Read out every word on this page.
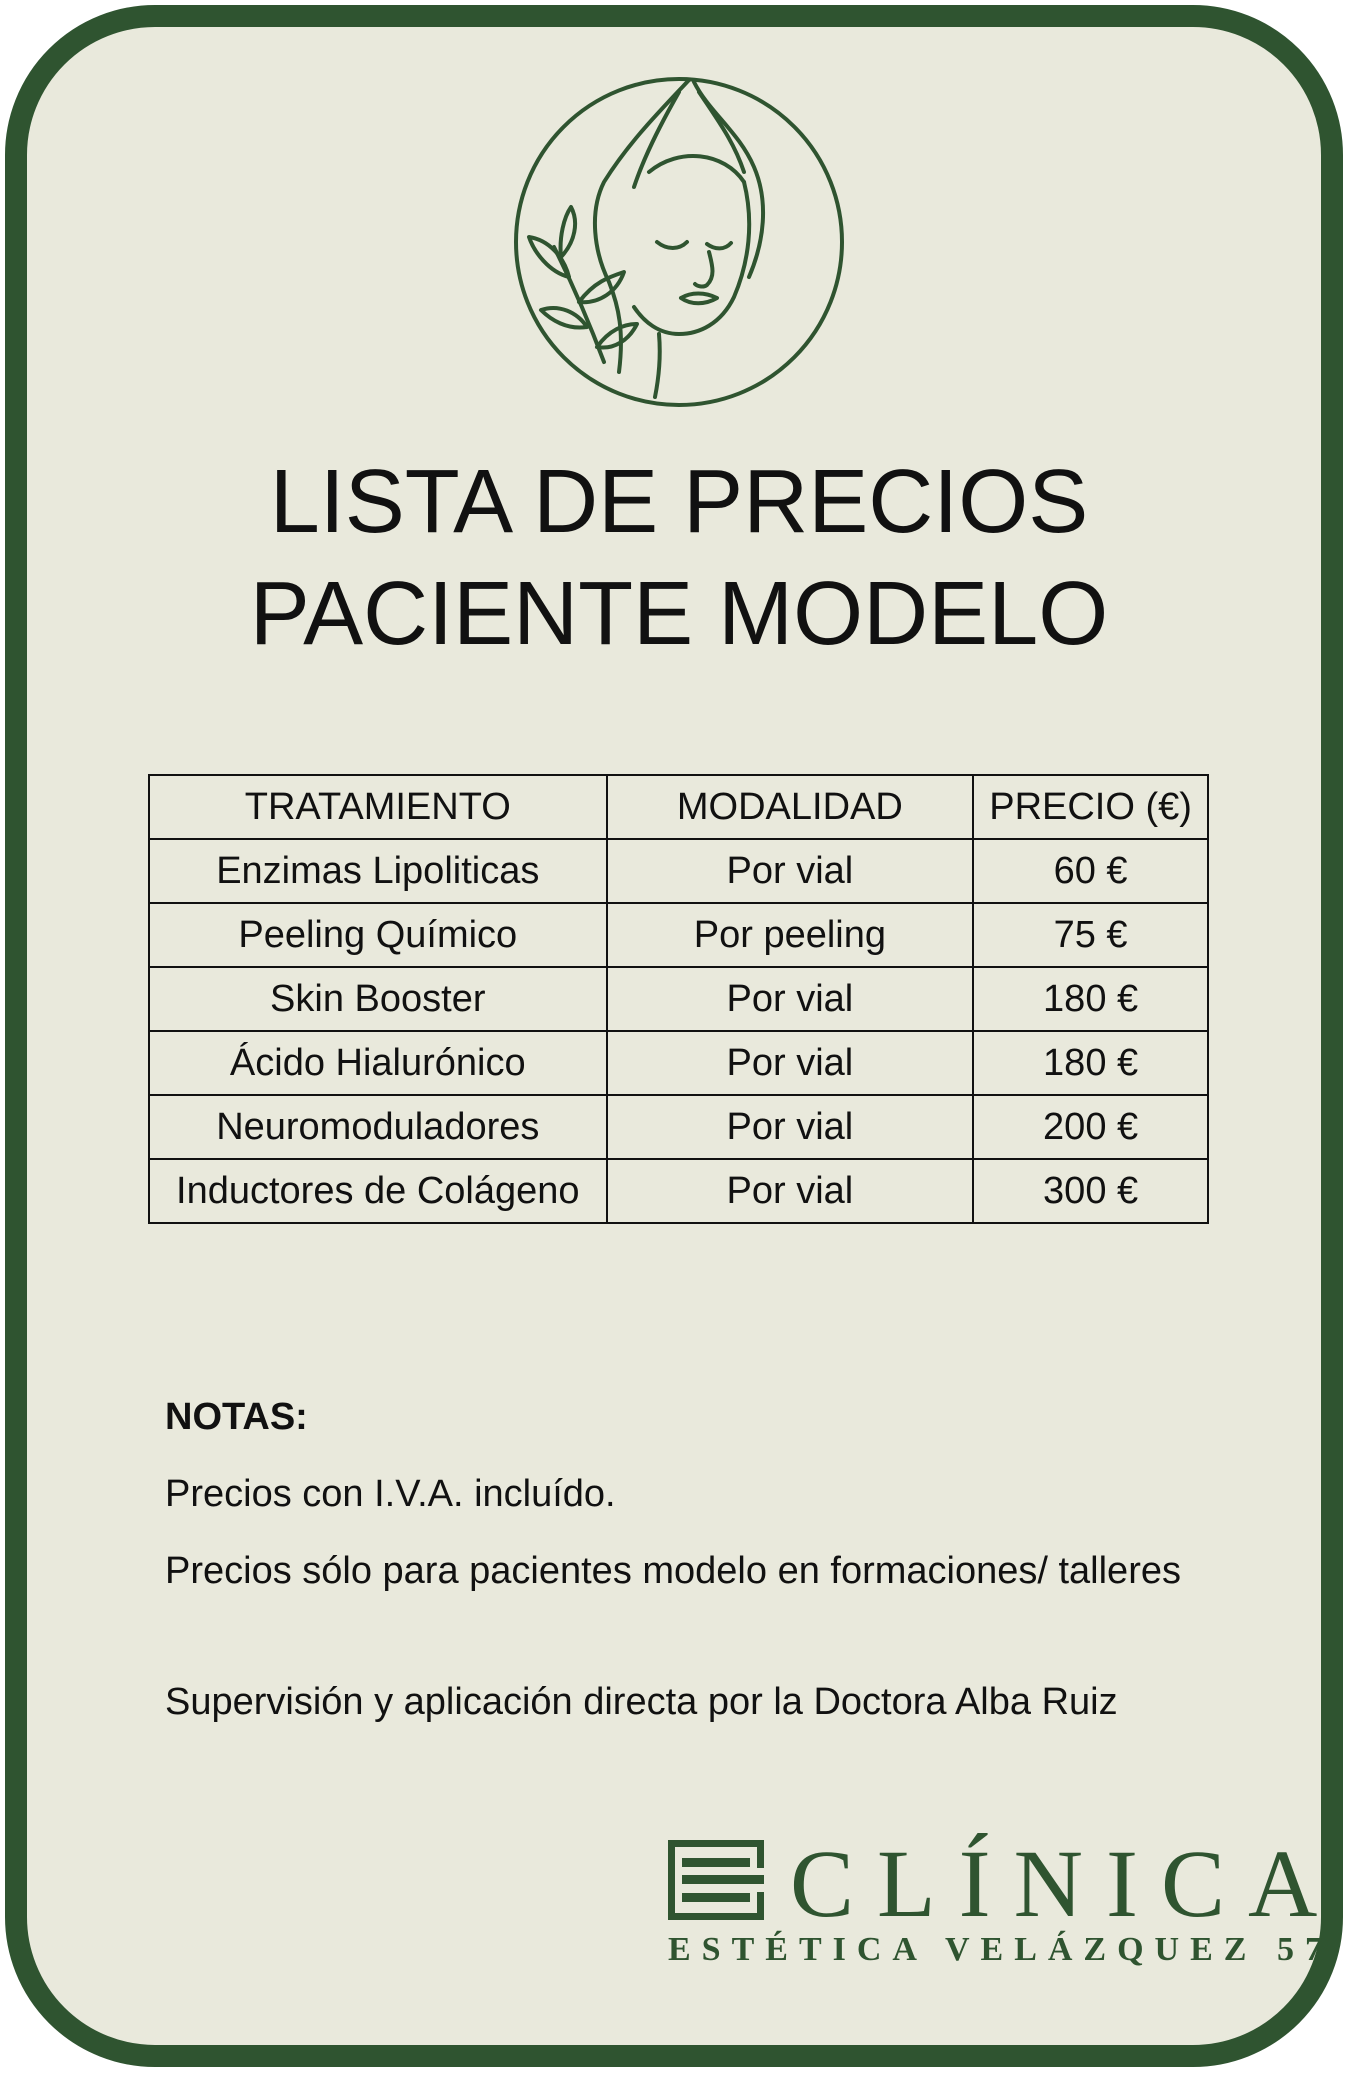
LISTA DE PRECIOS
PACIENTE MODELO
TRATAMIENTO	MODALIDAD	PRECIO (€)
Enzimas Lipoliticas	Por vial	60 €
Peeling Químico	Por peeling	75 €
Skin Booster	Por vial	180 €
Ácido Hialurónico	Por vial	180 €
Neuromoduladores	Por vial	200 €
Inductores de Colágeno	Por vial	300 €
NOTAS:
Precios con I.V.A. incluído.
Precios sólo para pacientes modelo en formaciones/ talleres
Supervisión y aplicación directa por la Doctora Alba Ruiz
CLÍNICA
ESTÉTICA VELÁZQUEZ 57
